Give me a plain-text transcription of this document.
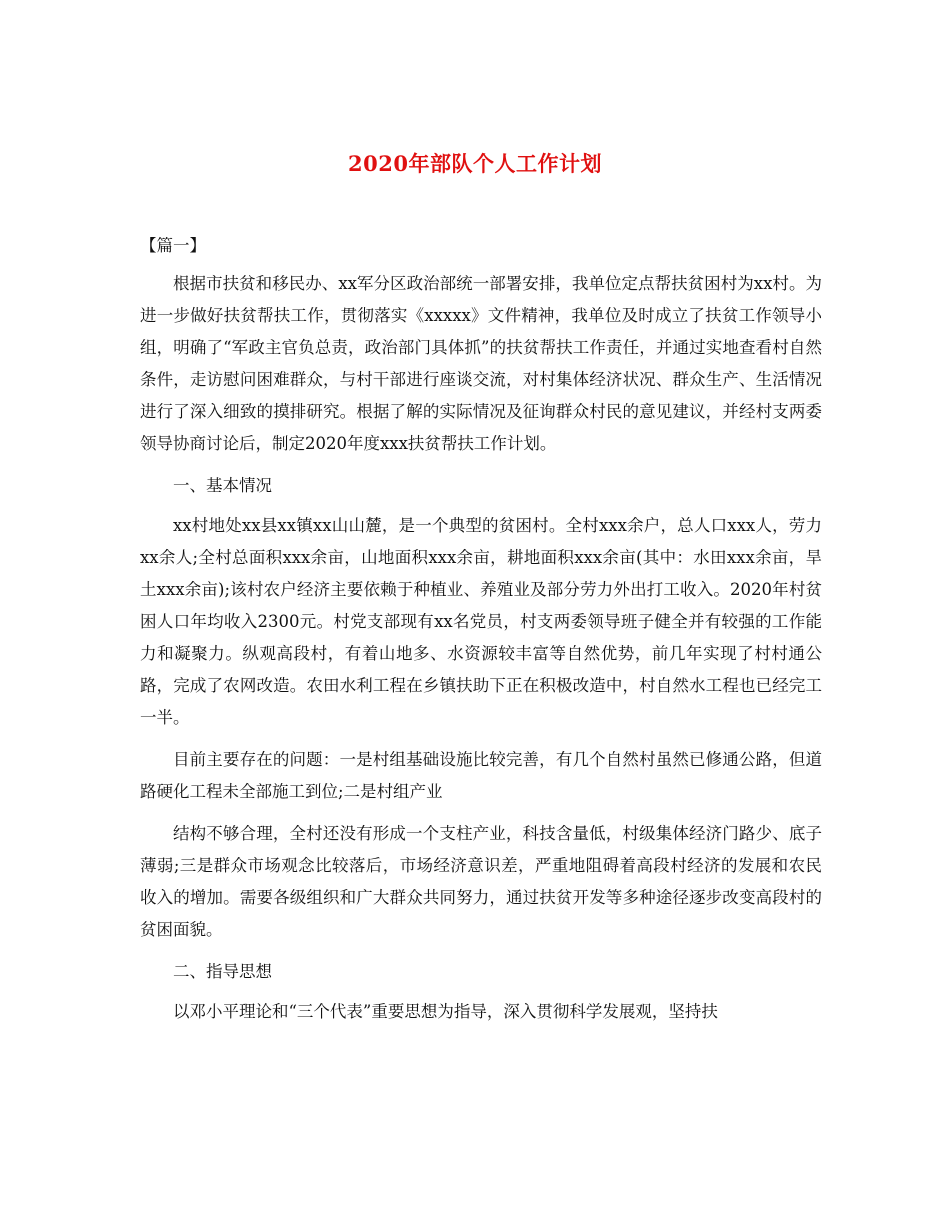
2020年部队个人工作计划

【篇一】

根据市扶贫和移民办、xx军分区政治部统一部署安排，我单位定点帮扶贫困村为xx村。为进一步做好扶贫帮扶工作，贯彻落实《xxxxx》文件精神，我单位及时成立了扶贫工作领导小组，明确了“军政主官负总责，政治部门具体抓”的扶贫帮扶工作责任，并通过实地查看村自然条件，走访慰问困难群众，与村干部进行座谈交流，对村集体经济状况、群众生产、生活情况进行了深入细致的摸排研究。根据了解的实际情况及征询群众村民的意见建议，并经村支两委领导协商讨论后，制定2020年度xxx扶贫帮扶工作计划。

一、基本情况

xx村地处xx县xx镇xx山山麓，是一个典型的贫困村。全村xxx余户，总人口xxx人，劳力xx余人;全村总面积xxx余亩，山地面积xxx余亩，耕地面积xxx余亩(其中：水田xxx余亩，旱土xxx余亩);该村农户经济主要依赖于种植业、养殖业及部分劳力外出打工收入。2020年村贫困人口年均收入2300元。村党支部现有xx名党员，村支两委领导班子健全并有较强的工作能力和凝聚力。纵观高段村，有着山地多、水资源较丰富等自然优势，前几年实现了村村通公路，完成了农网改造。农田水利工程在乡镇扶助下正在积极改造中，村自然水工程也已经完工一半。

目前主要存在的问题：一是村组基础设施比较完善，有几个自然村虽然已修通公路，但道路硬化工程未全部施工到位;二是村组产业

结构不够合理，全村还没有形成一个支柱产业，科技含量低，村级集体经济门路少、底子薄弱;三是群众市场观念比较落后，市场经济意识差，严重地阻碍着高段村经济的发展和农民收入的增加。需要各级组织和广大群众共同努力，通过扶贫开发等多种途径逐步改变高段村的贫困面貌。

二、指导思想

以邓小平理论和“三个代表”重要思想为指导，深入贯彻科学发展观，坚持扶
